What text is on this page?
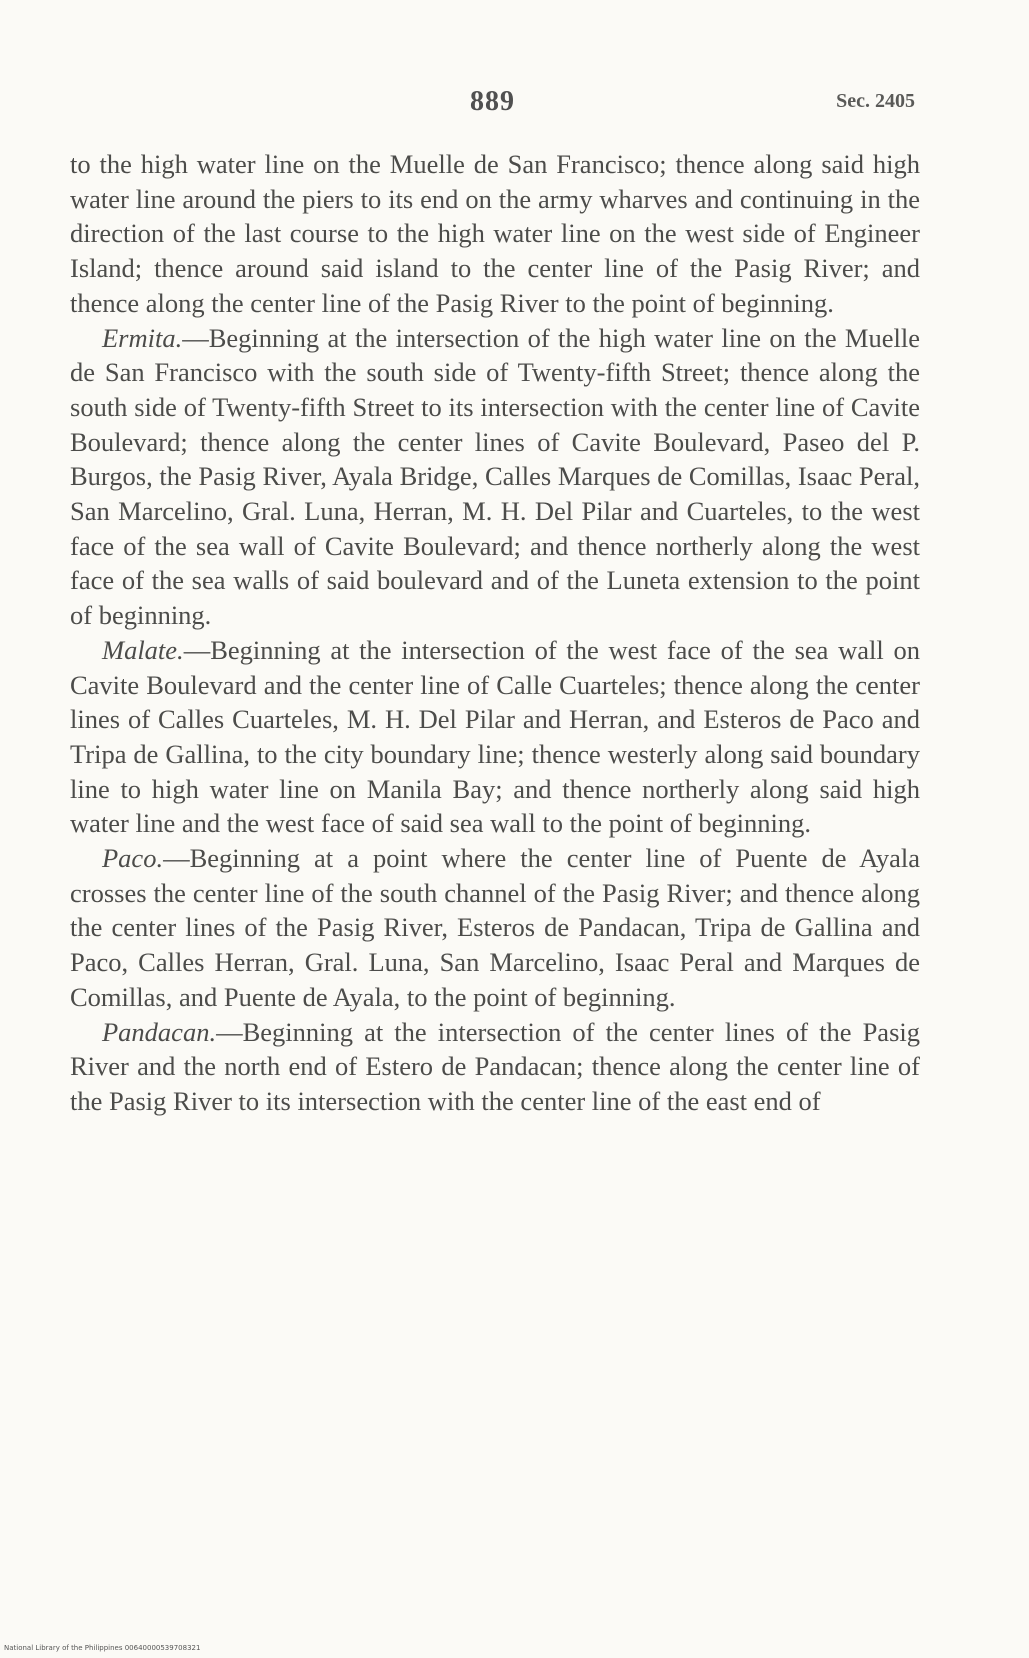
889	Sec. 2405

to the high water line on the Muelle de San Francisco; thence along said high water line around the piers to its end on the army wharves and continuing in the direction of the last course to the high water line on the west side of Engineer Island; thence around said island to the center line of the Pasig River; and thence along the center line of the Pasig River to the point of beginning.

Ermita.—Beginning at the intersection of the high water line on the Muelle de San Francisco with the south side of Twenty-fifth Street; thence along the south side of Twenty-fifth Street to its intersection with the center line of Cavite Boulevard; thence along the center lines of Cavite Boulevard, Paseo del P. Burgos, the Pasig River, Ayala Bridge, Calles Marques de Comillas, Isaac Peral, San Marcelino, Gral. Luna, Herran, M. H. Del Pilar and Cuarteles, to the west face of the sea wall of Cavite Boulevard; and thence northerly along the west face of the sea walls of said boulevard and of the Luneta extension to the point of beginning.

Malate.—Beginning at the intersection of the west face of the sea wall on Cavite Boulevard and the center line of Calle Cuarteles; thence along the center lines of Calles Cuarteles, M. H. Del Pilar and Herran, and Esteros de Paco and Tripa de Gallina, to the city boundary line; thence westerly along said boundary line to high water line on Manila Bay; and thence northerly along said high water line and the west face of said sea wall to the point of beginning.

Paco.—Beginning at a point where the center line of Puente de Ayala crosses the center line of the south channel of the Pasig River; and thence along the center lines of the Pasig River, Esteros de Pandacan, Tripa de Gallina and Paco, Calles Herran, Gral. Luna, San Marcelino, Isaac Peral and Marques de Comillas, and Puente de Ayala, to the point of beginning.

Pandacan.—Beginning at the intersection of the center lines of the Pasig River and the north end of Estero de Pandacan; thence along the center line of the Pasig River to its intersection with the center line of the east end of

National Library of the Philippines 00640000539708321
